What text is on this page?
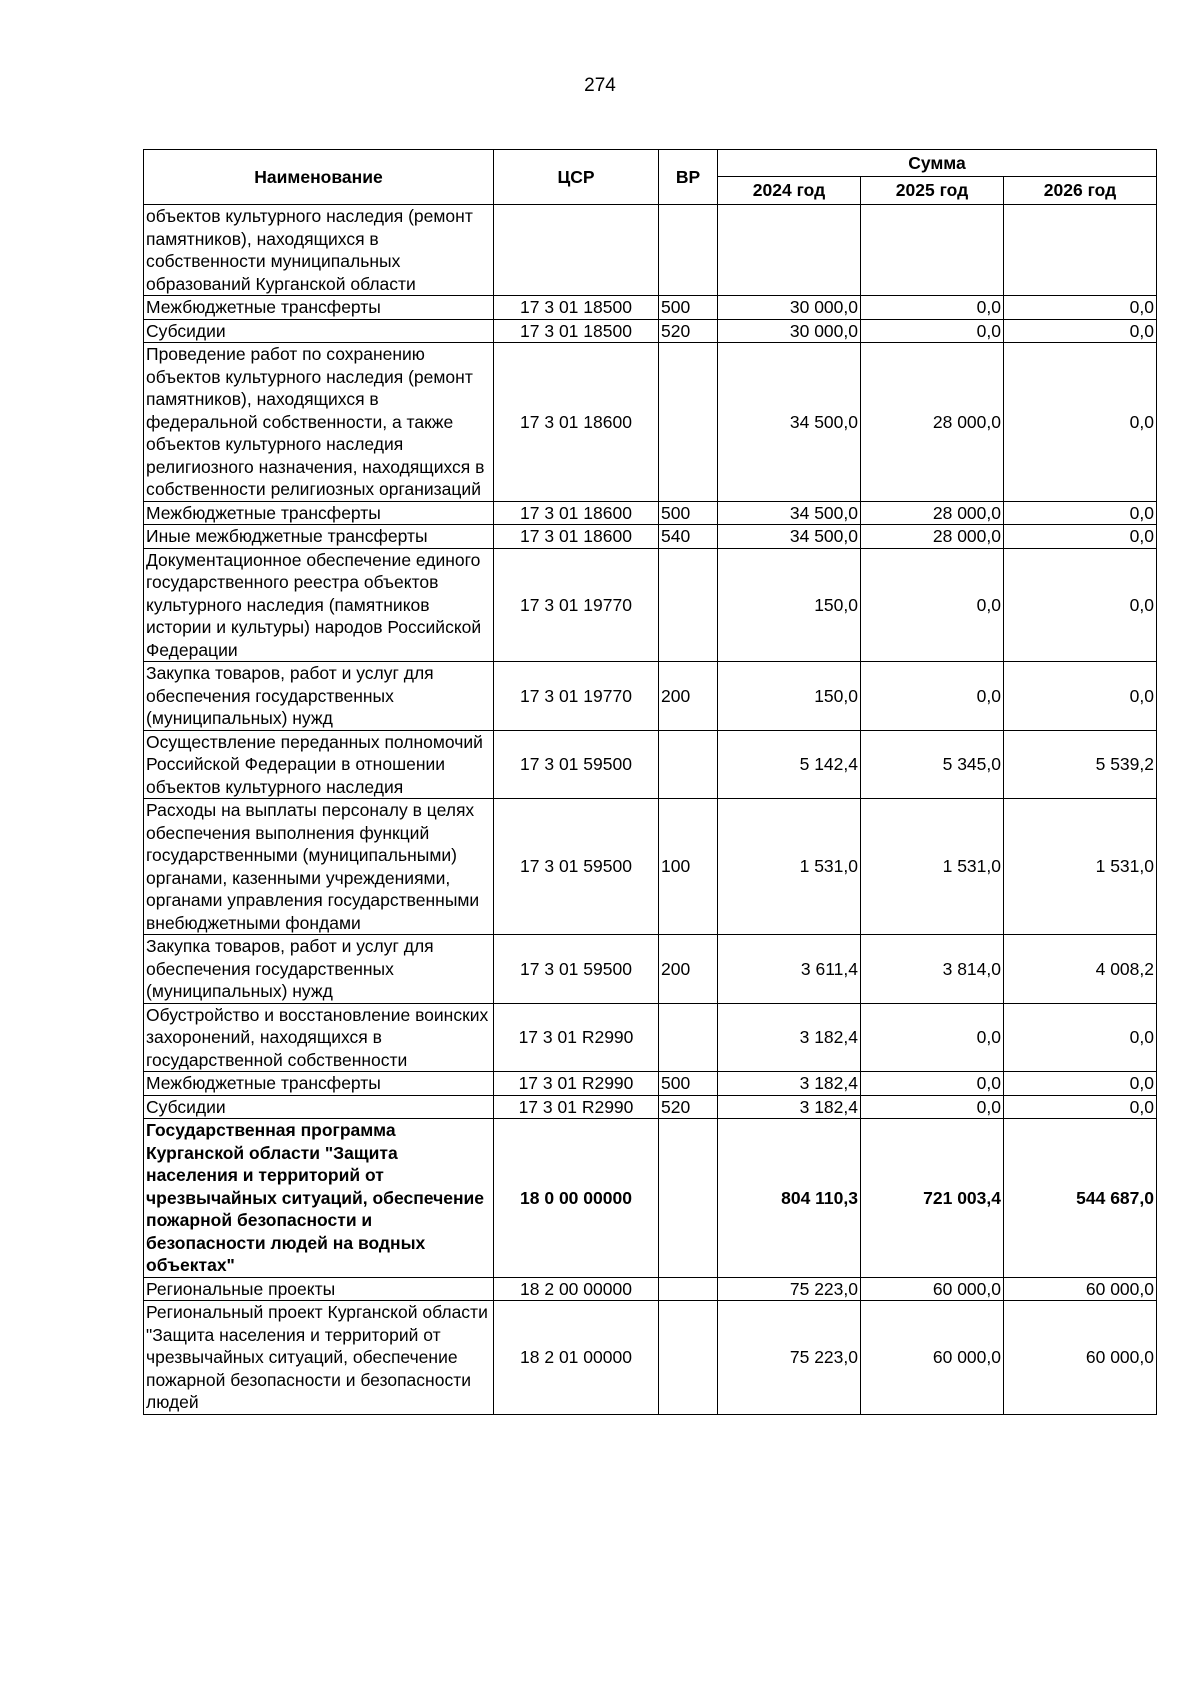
274
Наименование	ЦСР	ВР	Сумма		
			2024 год	2025 год	2026 год
объектов культурного наследия (ремонт памятников), находящихся в собственности муниципальных образований Курганской области					
Межбюджетные трансферты	17 3 01 18500	500	30 000,0	0,0	0,0
Субсидии	17 3 01 18500	520	30 000,0	0,0	0,0
Проведение работ по сохранению объектов культурного наследия (ремонт памятников), находящихся в федеральной собственности, а также объектов культурного наследия религиозного назначения, находящихся в собственности религиозных организаций	17 3 01 18600		34 500,0	28 000,0	0,0
Межбюджетные трансферты	17 3 01 18600	500	34 500,0	28 000,0	0,0
Иные межбюджетные трансферты	17 3 01 18600	540	34 500,0	28 000,0	0,0
Документационное обеспечение единого государственного реестра объектов культурного наследия (памятников истории и культуры) народов Российской Федерации	17 3 01 19770		150,0	0,0	0,0
Закупка товаров, работ и услуг для обеспечения государственных (муниципальных) нужд	17 3 01 19770	200	150,0	0,0	0,0
Осуществление переданных полномочий Российской Федерации в отношении объектов культурного наследия	17 3 01 59500		5 142,4	5 345,0	5 539,2
Расходы на выплаты персоналу в целях обеспечения выполнения функций государственными (муниципальными) органами, казенными учреждениями, органами управления государственными внебюджетными фондами	17 3 01 59500	100	1 531,0	1 531,0	1 531,0
Закупка товаров, работ и услуг для обеспечения государственных (муниципальных) нужд	17 3 01 59500	200	3 611,4	3 814,0	4 008,2
Обустройство и восстановление воинских захоронений, находящихся в государственной собственности	17 3 01 R2990		3 182,4	0,0	0,0
Межбюджетные трансферты	17 3 01 R2990	500	3 182,4	0,0	0,0
Субсидии	17 3 01 R2990	520	3 182,4	0,0	0,0
Государственная программа Курганской области "Защита населения и территорий от чрезвычайных ситуаций, обеспечение пожарной безопасности и безопасности людей на водных объектах"	18 0 00 00000		804 110,3	721 003,4	544 687,0
Региональные проекты	18 2 00 00000		75 223,0	60 000,0	60 000,0
Региональный проект Курганской области "Защита населения и территорий от чрезвычайных ситуаций, обеспечение пожарной безопасности и безопасности людей	18 2 01 00000		75 223,0	60 000,0	60 000,0
